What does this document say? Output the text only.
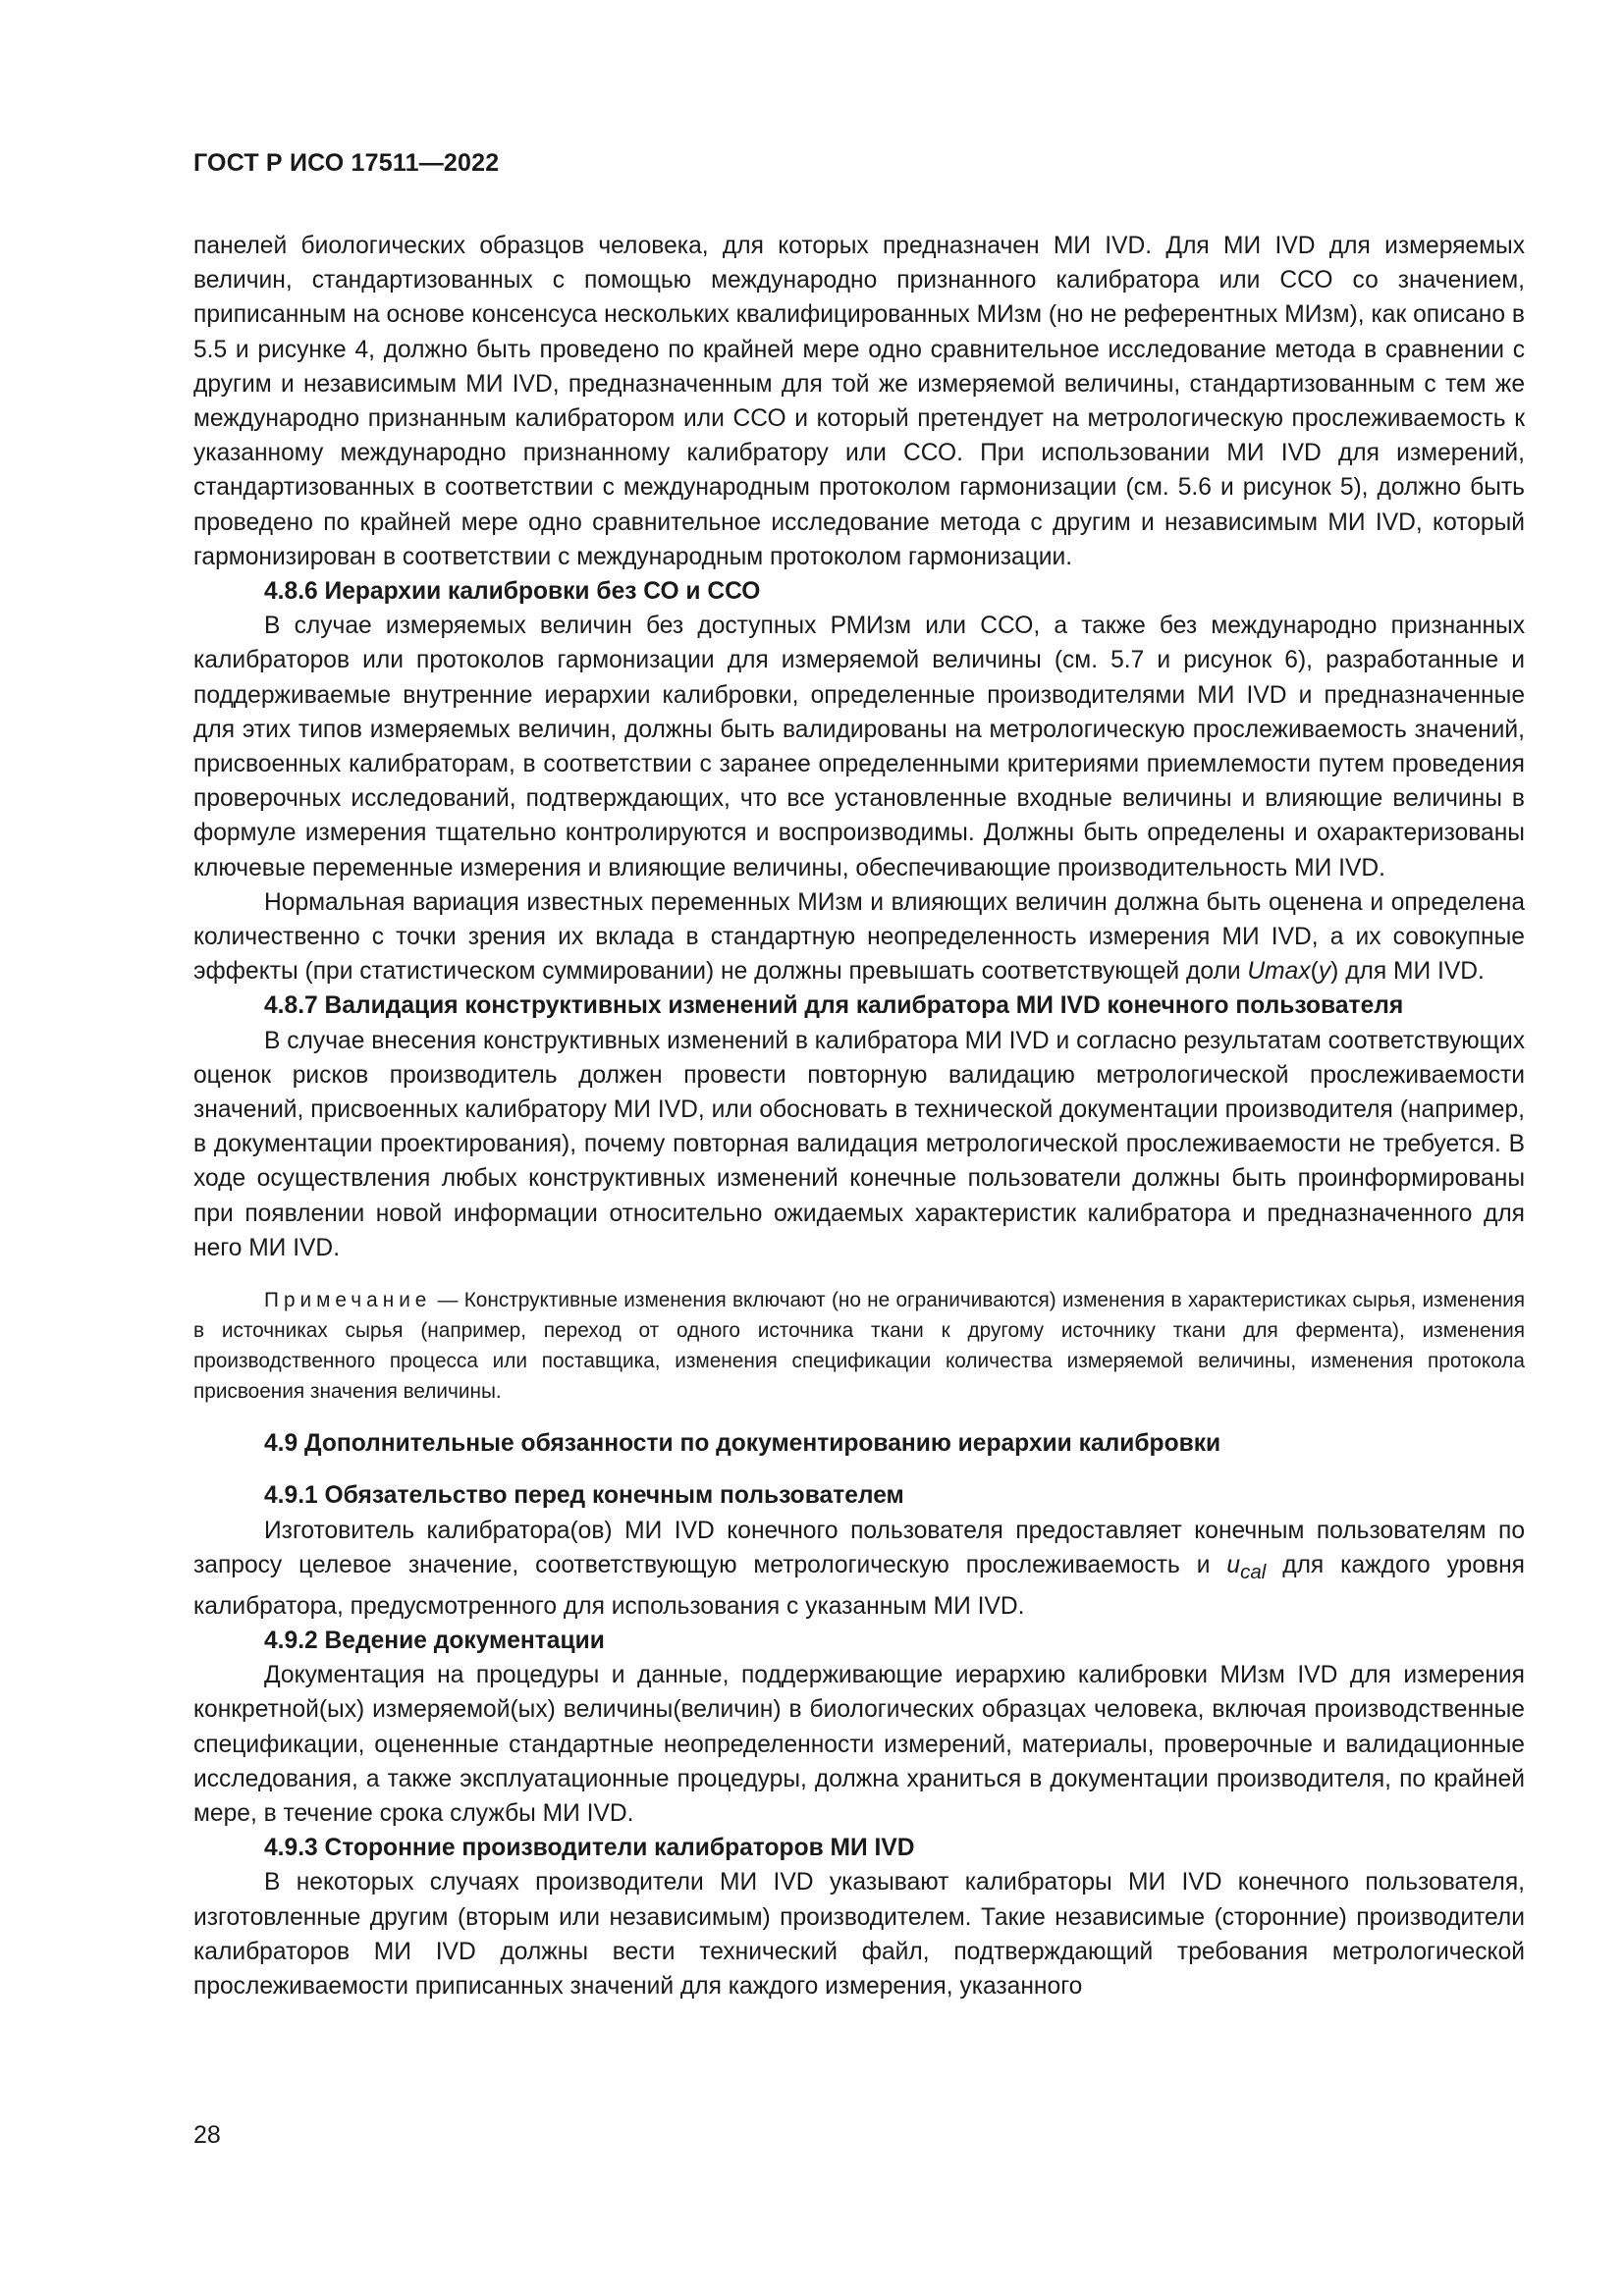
ГОСТ Р ИСО 17511—2022

панелей биологических образцов человека, для которых предназначен МИ IVD. Для МИ IVD для измеряемых величин, стандартизованных с помощью международно признанного калибратора или ССО со значением, приписанным на основе консенсуса нескольких квалифицированных МИзм (но не референтных МИзм), как описано в 5.5 и рисунке 4, должно быть проведено по крайней мере одно сравнительное исследование метода в сравнении с другим и независимым МИ IVD, предназначенным для той же измеряемой величины, стандартизованным с тем же международно признанным калибратором или ССО и который претендует на метрологическую прослеживаемость к указанному международно признанному калибратору или ССО. При использовании МИ IVD для измерений, стандартизованных в соответствии с международным протоколом гармонизации (см. 5.6 и рисунок 5), должно быть проведено по крайней мере одно сравнительное исследование метода с другим и независимым МИ IVD, который гармонизирован в соответствии с международным протоколом гармонизации.

4.8.6 Иерархии калибровки без СО и ССО

В случае измеряемых величин без доступных РМИзм или ССО, а также без международно признанных калибраторов или протоколов гармонизации для измеряемой величины (см. 5.7 и рисунок 6), разработанные и поддерживаемые внутренние иерархии калибровки, определенные производителями МИ IVD и предназначенные для этих типов измеряемых величин, должны быть валидированы на метрологическую прослеживаемость значений, присвоенных калибраторам, в соответствии с заранее определенными критериями приемлемости путем проведения проверочных исследований, подтверждающих, что все установленные входные величины и влияющие величины в формуле измерения тщательно контролируются и воспроизводимы. Должны быть определены и охарактеризованы ключевые переменные измерения и влияющие величины, обеспечивающие производительность МИ IVD.

Нормальная вариация известных переменных МИзм и влияющих величин должна быть оценена и определена количественно с точки зрения их вклада в стандартную неопределенность измерения МИ IVD, а их совокупные эффекты (при статистическом суммировании) не должны превышать соответствующей доли Umax(y) для МИ IVD.

4.8.7 Валидация конструктивных изменений для калибратора МИ IVD конечного пользователя

В случае внесения конструктивных изменений в калибратора МИ IVD и согласно результатам соответствующих оценок рисков производитель должен провести повторную валидацию метрологической прослеживаемости значений, присвоенных калибратору МИ IVD, или обосновать в технической документации производителя (например, в документации проектирования), почему повторная валидация метрологической прослеживаемости не требуется. В ходе осуществления любых конструктивных изменений конечные пользователи должны быть проинформированы при появлении новой информации относительно ожидаемых характеристик калибратора и предназначенного для него МИ IVD.

Примечание — Конструктивные изменения включают (но не ограничиваются) изменения в характеристиках сырья, изменения в источниках сырья (например, переход от одного источника ткани к другому источнику ткани для фермента), изменения производственного процесса или поставщика, изменения спецификации количества измеряемой величины, изменения протокола присвоения значения величины.

4.9 Дополнительные обязанности по документированию иерархии калибровки

4.9.1 Обязательство перед конечным пользователем

Изготовитель калибратора(ов) МИ IVD конечного пользователя предоставляет конечным пользователям по запросу целевое значение, соответствующую метрологическую прослеживаемость и $u_{cal}$ для каждого уровня калибратора, предусмотренного для использования с указанным МИ IVD.

4.9.2 Ведение документации

Документация на процедуры и данные, поддерживающие иерархию калибровки МИзм IVD для измерения конкретной(ых) измеряемой(ых) величины(величин) в биологических образцах человека, включая производственные спецификации, оцененные стандартные неопределенности измерений, материалы, проверочные и валидационные исследования, а также эксплуатационные процедуры, должна храниться в документации производителя, по крайней мере, в течение срока службы МИ IVD.

4.9.3 Сторонние производители калибраторов МИ IVD

В некоторых случаях производители МИ IVD указывают калибраторы МИ IVD конечного пользователя, изготовленные другим (вторым или независимым) производителем. Такие независимые (сторонние) производители калибраторов МИ IVD должны вести технический файл, подтверждающий требования метрологической прослеживаемости приписанных значений для каждого измерения, указанного

28
